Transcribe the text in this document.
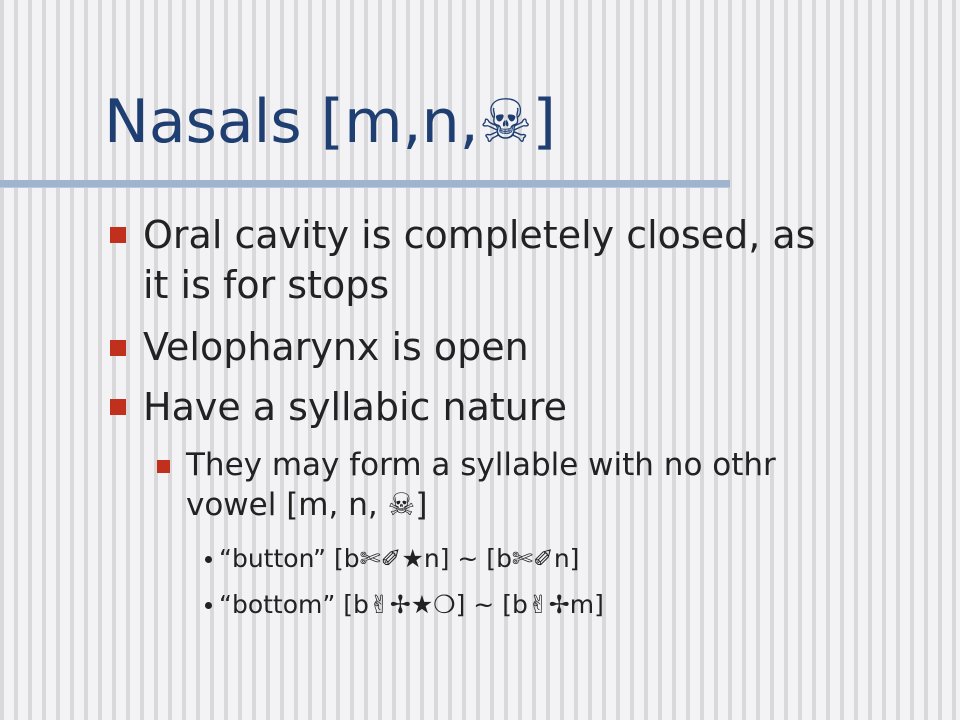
Nasals [m,n,☠]
Oral cavity is completely closed, as
it is for stops
Velopharynx is open
Have a syllabic nature
They may form a syllable with no othr
vowel [m, n, ☠]
“button” [b✄✐★n] ~ [b✄✐n]
“bottom” [b✌✢★❍] ~ [b✌✢m]
